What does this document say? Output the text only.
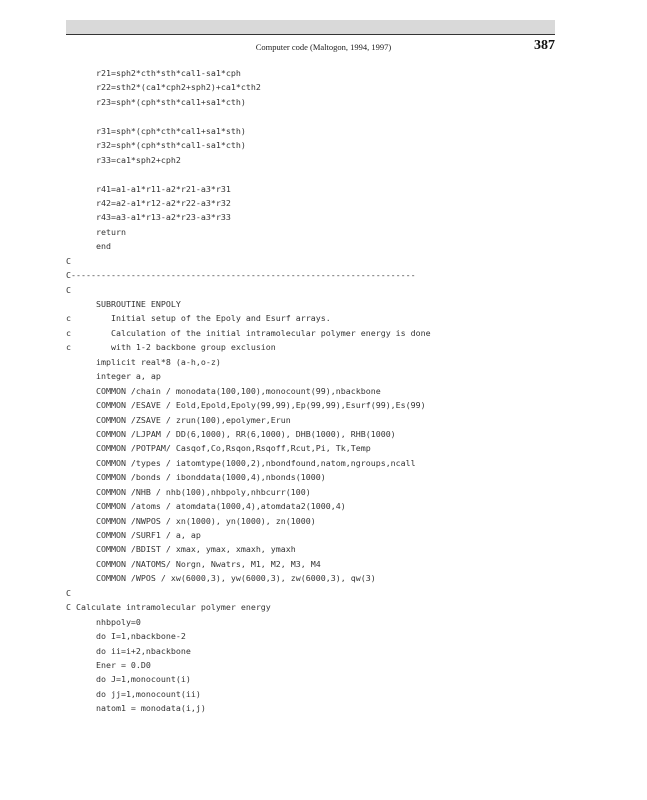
Computer code (Maltogon, 1994, 1997)	387
r21=sph2*cth*sth*cal1-sa1*cph
r22=sth2*(ca1*cph2+sph2)+ca1*cth2
r23=sph*(cph*sth*cal1+sa1*cth)
r31=sph*(cph*cth*cal1+sa1*sth)
r32=sph*(cph*sth*cal1-sa1*cth)
r33=ca1*sph2+cph2
r41=a1-a1*r11-a2*r21-a3*r31
r42=a2-a1*r12-a2*r22-a3*r32
r43=a3-a1*r13-a2*r23-a3*r33
return
end
C
C---------------------------------------------------------------------
C
SUBROUTINE ENPOLY
c        Initial setup of the Epoly and Esurf arrays.
c        Calculation of the initial intramolecular polymer energy is done
c        with 1-2 backbone group exclusion
implicit real*8 (a-h,o-z)
integer a, ap
COMMON /chain / monodata(100,100),monocount(99),nbackbone
COMMON /ESAVE / Eold,Epold,Epoly(99,99),Ep(99,99),Esurf(99),Es(99)
COMMON /ZSAVE / zrun(100),epolymer,Erun
COMMON /LJPAM / DD(6,1000), RR(6,1000), DHB(1000), RHB(1000)
COMMON /POTPAM/ Casqof,Co,Rsqon,Rsqoff,Rcut,Pi, Tk,Temp
COMMON /types / iatomtype(1000,2),nbondfound,natom,ngroups,ncall
COMMON /bonds / ibonddata(1000,4),nbonds(1000)
COMMON /NHB / nhb(100),nhbpoly,nhbcurr(100)
COMMON /atoms / atomdata(1000,4),atomdata2(1000,4)
COMMON /NWPOS / xn(1000), yn(1000), zn(1000)
COMMON /SURF1 / a, ap
COMMON /BDIST / xmax, ymax, xmaxh, ymaxh
COMMON /NATOMS/ Norgn, Nwatrs, M1, M2, M3, M4
COMMON /WPOS / xw(6000,3), yw(6000,3), zw(6000,3), qw(3)
C
C Calculate intramolecular polymer energy
nhbpoly=0
do I=1,nbackbone-2
do ii=i+2,nbackbone
Ener = 0.D0
do J=1,monocount(i)
do jj=1,monocount(ii)
natom1 = monodata(i,j)
